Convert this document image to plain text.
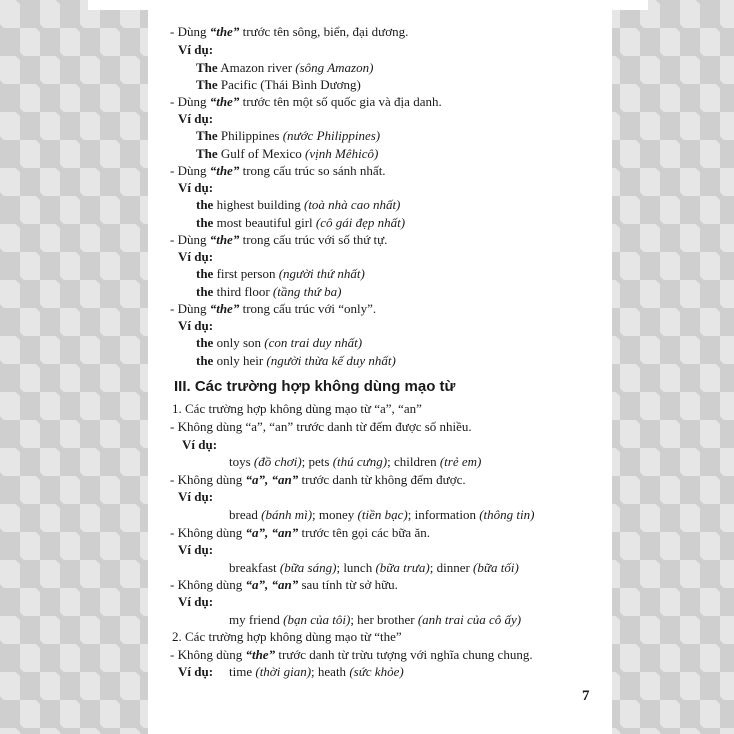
- Dùng “the” trước tên sông, biển, đại dương.
Ví dụ:
The Amazon river (sông Amazon)
The Pacific (Thái Bình Dương)
- Dùng “the” trước tên một số quốc gia và địa danh.
Ví dụ:
The Philippines (nước Philippines)
The Gulf of Mexico (vịnh Mêhicô)
- Dùng “the” trong cấu trúc so sánh nhất.
Ví dụ:
the highest building (toà nhà cao nhất)
the most beautiful girl (cô gái đẹp nhất)
- Dùng “the” trong cấu trúc với số thứ tự.
Ví dụ:
the first person (người thứ nhất)
the third floor (tầng thứ ba)
- Dùng “the” trong cấu trúc với “only”.
Ví dụ:
the only son (con trai duy nhất)
the only heir (người thừa kế duy nhất)
III. Các trường hợp không dùng mạo từ
1. Các trường hợp không dùng mạo từ “a”, “an”
- Không dùng “a”, “an” trước danh từ đếm được số nhiều.
Ví dụ:
toys (đồ chơi); pets (thú cưng); children (trẻ em)
- Không dùng “a”, “an” trước danh từ không đếm được.
Ví dụ:
bread (bánh mì); money (tiền bạc); information (thông tin)
- Không dùng “a”, “an” trước tên gọi các bữa ăn.
Ví dụ:
breakfast (bữa sáng); lunch (bữa trưa); dinner (bữa tối)
- Không dùng “a”, “an” sau tính từ sở hữu.
Ví dụ:
my friend (bạn của tôi); her brother (anh trai của cô ấy)
2. Các trường hợp không dùng mạo từ “the”
- Không dùng “the” trước danh từ trừu tượng với nghĩa chung chung.
Ví dụ: time (thời gian); heath (sức khỏe)
7
